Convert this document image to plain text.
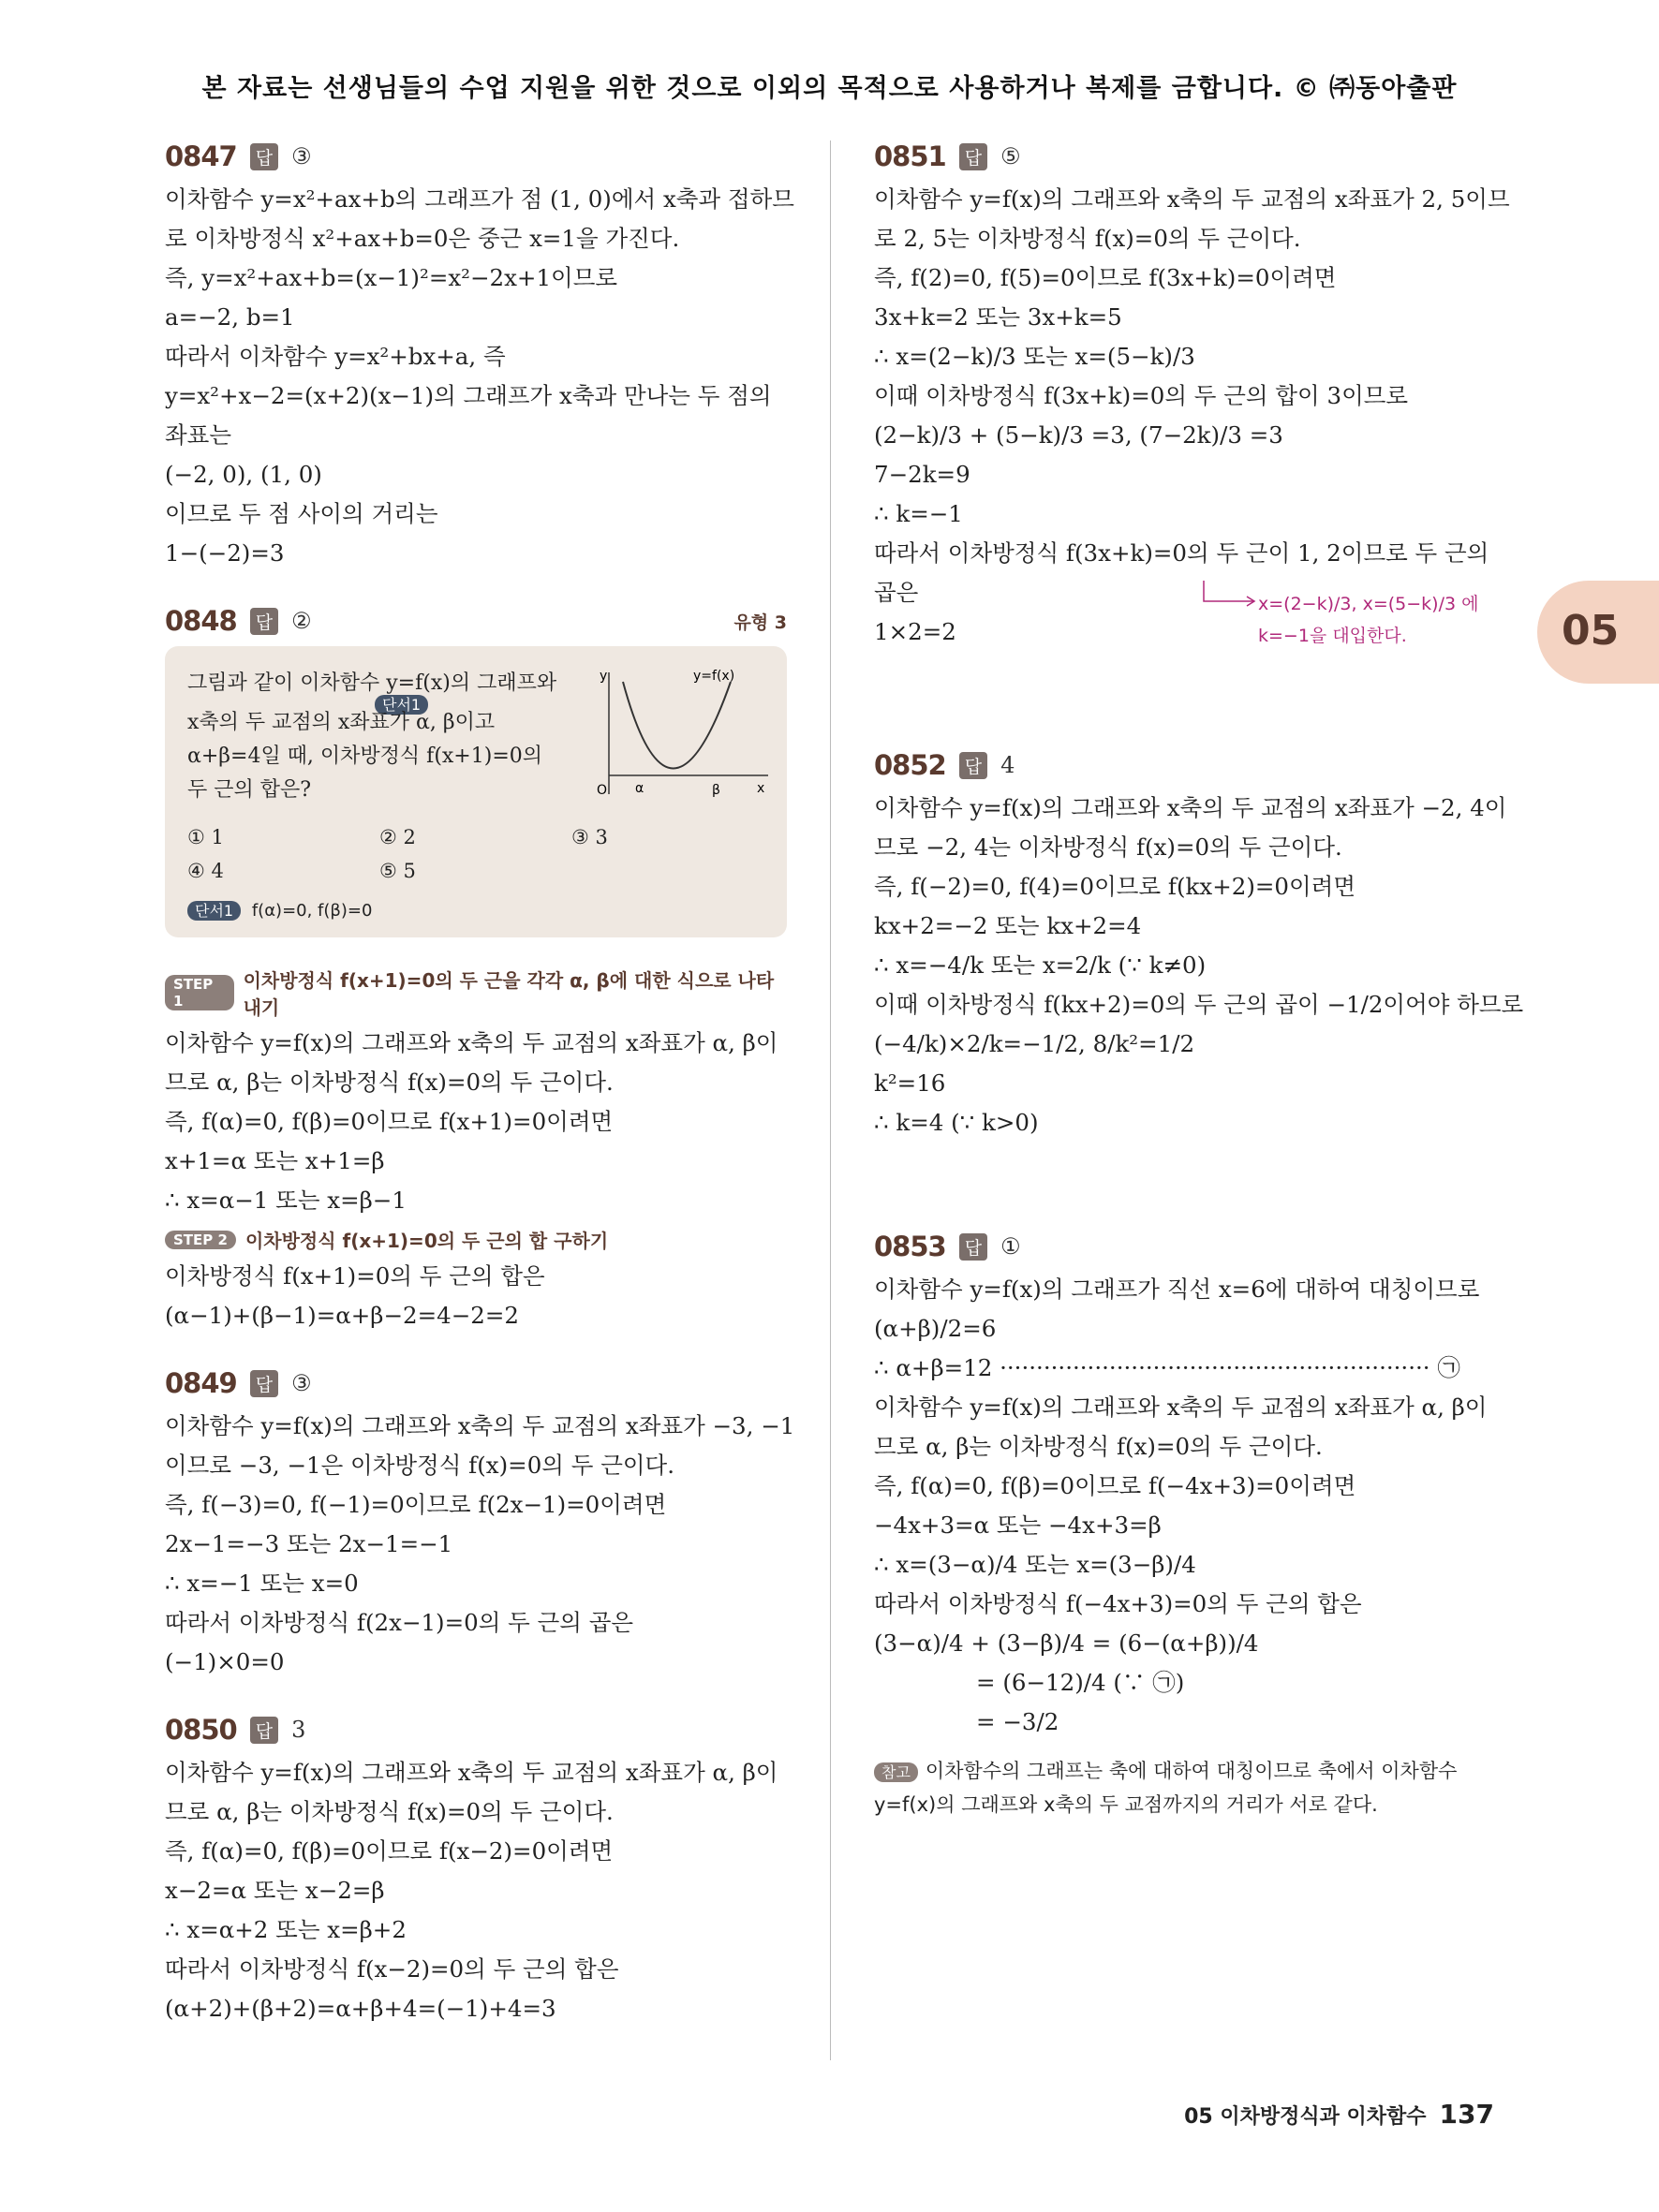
본 자료는 선생님들의 수업 지원을 위한 것으로 이외의 목적으로 사용하거나 복제를 금합니다. © ㈜동아출판
05
0847	답 ③
이차함수 y=x²+ax+b의 그래프가 점 (1, 0)에서 x축과 접하므
로 이차방정식 x²+ax+b=0은 중근 x=1을 가진다.
즉, y=x²+ax+b=(x−1)²=x²−2x+1이므로
a=−2, b=1
따라서 이차함수 y=x²+bx+a, 즉
y=x²+x−2=(x+2)(x−1)의 그래프가 x축과 만나는 두 점의
좌표는
(−2, 0), (1, 0)
이므로 두 점 사이의 거리는
1−(−2)=3
0848	답 ②	유형 3
그림과 같이 이차함수 y=f(x)의 그래프와
단서1
x축의 두 교점의 x좌표가 α, β이고
α+β=4일 때, 이차방정식 f(x+1)=0의
두 근의 합은?
y	y=f(x)
O α	β	x
① 1	② 2	③ 3
④ 4	⑤ 5
단서1 f(α)=0, f(β)=0
STEP 1
이차방정식 f(x+1)=0의 두 근을 각각 α, β에 대한 식으로 나타내기
이차함수 y=f(x)의 그래프와 x축의 두 교점의 x좌표가 α, β이
므로 α, β는 이차방정식 f(x)=0의 두 근이다.
즉, f(α)=0, f(β)=0이므로 f(x+1)=0이려면
x+1=α 또는 x+1=β
∴ x=α−1 또는 x=β−1
STEP 2 이차방정식 f(x+1)=0의 두 근의 합 구하기
이차방정식 f(x+1)=0의 두 근의 합은
(α−1)+(β−1)=α+β−2=4−2=2
0849	답 ③
이차함수 y=f(x)의 그래프와 x축의 두 교점의 x좌표가 −3, −1
이므로 −3, −1은 이차방정식 f(x)=0의 두 근이다.
즉, f(−3)=0, f(−1)=0이므로 f(2x−1)=0이려면
2x−1=−3 또는 2x−1=−1
∴ x=−1 또는 x=0
따라서 이차방정식 f(2x−1)=0의 두 근의 곱은
(−1)×0=0
0850	답 3
이차함수 y=f(x)의 그래프와 x축의 두 교점의 x좌표가 α, β이
므로 α, β는 이차방정식 f(x)=0의 두 근이다.
즉, f(α)=0, f(β)=0이므로 f(x−2)=0이려면
x−2=α 또는 x−2=β
∴ x=α+2 또는 x=β+2
따라서 이차방정식 f(x−2)=0의 두 근의 합은
(α+2)+(β+2)=α+β+4=(−1)+4=3
0851	답 ⑤
이차함수 y=f(x)의 그래프와 x축의 두 교점의 x좌표가 2, 5이므
로 2, 5는 이차방정식 f(x)=0의 두 근이다.
즉, f(2)=0, f(5)=0이므로 f(3x+k)=0이려면
3x+k=2 또는 3x+k=5
∴ x=(2−k)/3 또는 x=(5−k)/3
이때 이차방정식 f(3x+k)=0의 두 근의 합이 3이므로
(2−k)/3 + (5−k)/3 =3, (7−2k)/3 =3
7−2k=9
∴ k=−1
따라서 이차방정식 f(3x+k)=0의 두 근이 1, 2이므로 두 근의
곱은
1×2=2
x=(2−k)/3, x=(5−k)/3 에
k=−1을 대입한다.
0852	답 4
이차함수 y=f(x)의 그래프와 x축의 두 교점의 x좌표가 −2, 4이
므로 −2, 4는 이차방정식 f(x)=0의 두 근이다.
즉, f(−2)=0, f(4)=0이므로 f(kx+2)=0이려면
kx+2=−2 또는 kx+2=4
∴ x=−4/k 또는 x=2/k (∵ k≠0)
이때 이차방정식 f(kx+2)=0의 두 근의 곱이 −1/2이어야 하므로
(−4/k)×2/k=−1/2, 8/k²=1/2
k²=16
∴ k=4 (∵ k>0)
0853	답 ①
이차함수 y=f(x)의 그래프가 직선 x=6에 대하여 대칭이므로
(α+β)/2=6
∴ α+β=12 ··························································· ㉠
이차함수 y=f(x)의 그래프와 x축의 두 교점의 x좌표가 α, β이
므로 α, β는 이차방정식 f(x)=0의 두 근이다.
즉, f(α)=0, f(β)=0이므로 f(−4x+3)=0이려면
−4x+3=α 또는 −4x+3=β
∴ x=(3−α)/4 또는 x=(3−β)/4
따라서 이차방정식 f(−4x+3)=0의 두 근의 합은
(3−α)/4 + (3−β)/4 = (6−(α+β))/4
= (6−12)/4 (∵ ㉠)
= −3/2
참고 이차함수의 그래프는 축에 대하여 대칭이므로 축에서 이차함수
y=f(x)의 그래프와 x축의 두 교점까지의 거리가 서로 같다.
05 이차방정식과 이차함수 137
